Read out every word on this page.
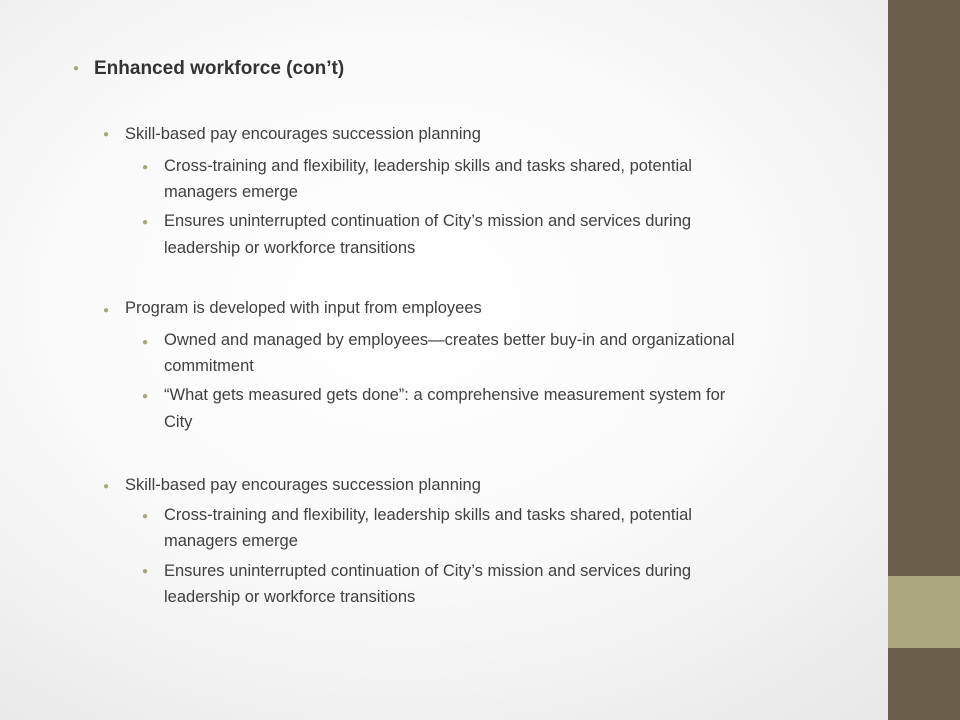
● Enhanced workforce (con’t)
● Skill-based pay encourages succession planning
● Cross-training and flexibility, leadership skills and tasks shared, potential
managers emerge
● Ensures uninterrupted continuation of City’s mission and services during
leadership or workforce transitions
● Program is developed with input from employees
● Owned and managed by employees—creates better buy-in and organizational
commitment
● “What gets measured gets done”: a comprehensive measurement system for
City
● Skill-based pay encourages succession planning
● Cross-training and flexibility, leadership skills and tasks shared, potential
managers emerge
● Ensures uninterrupted continuation of City’s mission and services during
leadership or workforce transitions
